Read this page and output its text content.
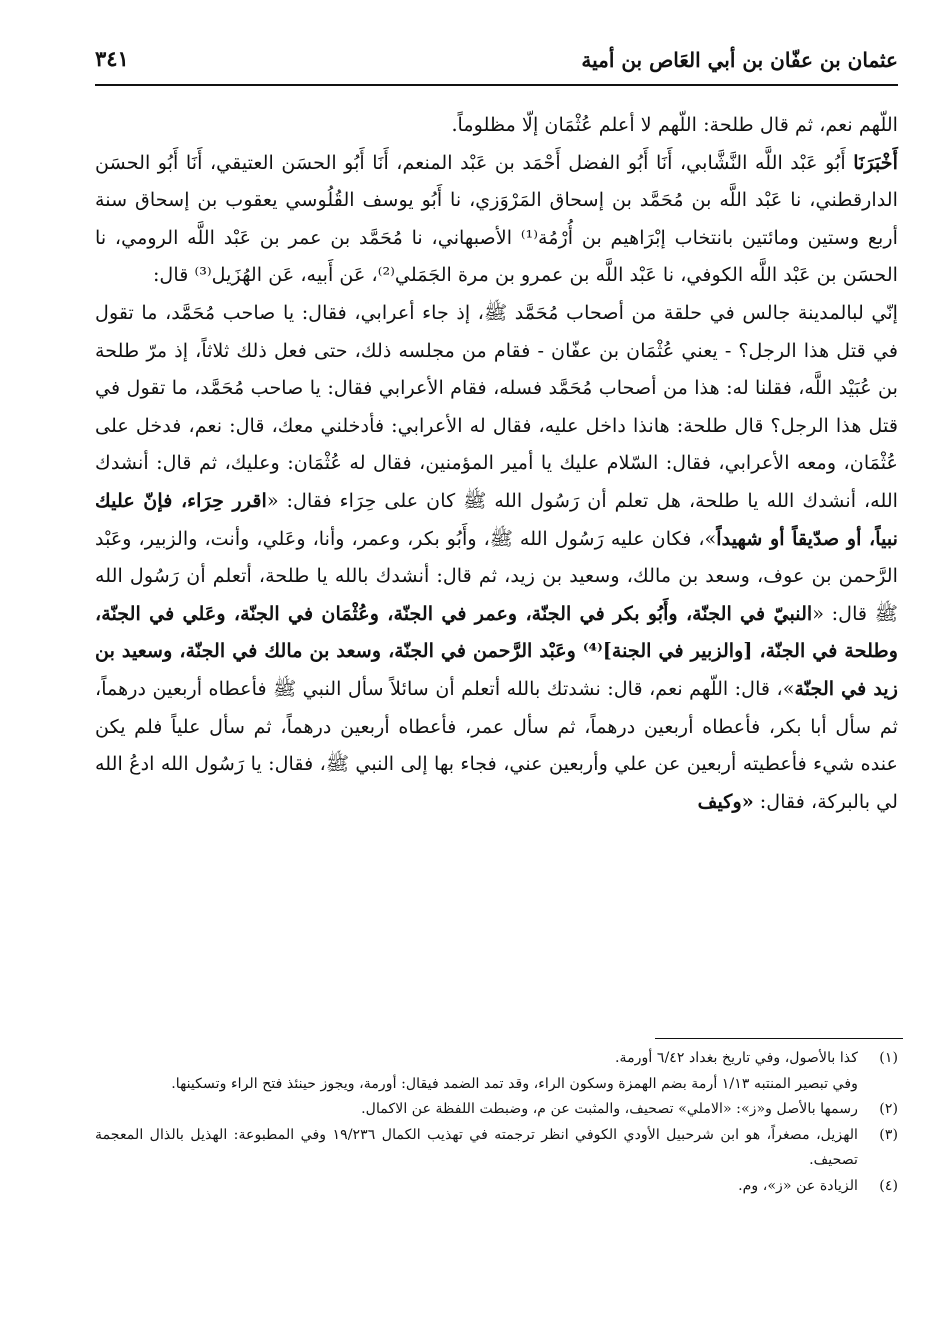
عثمان بن عفّان بن أبي العَاص بن أمية
٣٤١

اللّهم نعم، ثم قال طلحة: اللّهم لا أعلم عُثْمَان إلّا مظلوماً.

أَخْبَرَنَا أَبُو عَبْد اللَّه النَّشَّابي، أَنَا أَبُو الفضل أَحْمَد بن عَبْد المنعم، أَنَا أَبُو الحسَن العتيقي، أَنَا أَبُو الحسَن الدارقطني، نا عَبْد اللَّه بن مُحَمَّد بن إسحاق المَرْوَزي، نا أَبُو يوسف القُلُوسي يعقوب بن إسحاق سنة أربع وستين ومائتين بانتخاب إبْرَاهيم بن أُرْمُة⁽¹⁾ الأصبهاني، نا مُحَمَّد بن عمر بن عَبْد اللَّه الرومي، نا الحسَن بن عَبْد اللَّه الكوفي، نا عَبْد اللَّه بن عمرو بن مرة الجَمَلي⁽²⁾، عَن أَبيه، عَن الهُزَيل⁽³⁾ قال:

إنّي لبالمدينة جالس في حلقة من أصحاب مُحَمَّد ﷺ، إذ جاء أعرابي، فقال: يا صاحب مُحَمَّد، ما تقول في قتل هذا الرجل؟ - يعني عُثْمَان بن عفّان - فقام من مجلسه ذلك، حتى فعل ذلك ثلاثاً، إذ مرّ طلحة بن عُبَيْد اللَّه، فقلنا له: هذا من أصحاب مُحَمَّد فسله، فقام الأعرابي فقال: يا صاحب مُحَمَّد، ما تقول في قتل هذا الرجل؟ قال طلحة: هانذا داخل عليه، فقال له الأعرابي: فأدخلني معك، قال: نعم، فدخل على عُثْمَان، ومعه الأعرابي، فقال: السّلام عليك يا أمير المؤمنين، فقال له عُثْمَان: وعليك، ثم قال: أنشدك الله، أنشدك الله يا طلحة، هل تعلم أن رَسُول الله ﷺ كان على حِرَاء فقال: «اقرر حِرَاء، فإنّ عليك نبياً، أو صدّيقاً أو شهيداً»، فكان عليه رَسُول الله ﷺ، وأَبُو بكر، وعمر، وأنا، وعَلي، وأنت، والزبير، وعَبْد الرَّحمن بن عوف، وسعد بن مالك، وسعيد بن زيد، ثم قال: أنشدك بالله يا طلحة، أتعلم أن رَسُول الله ﷺ قال: «النبيّ في الجنّة، وأَبُو بكر في الجنّة، وعمر في الجنّة، وعُثْمَان في الجنّة، وعَلي في الجنّة، وطلحة في الجنّة، [والزبير في الجنة]⁽⁴⁾ وعَبْد الرَّحمن في الجنّة، وسعد بن مالك في الجنّة، وسعيد بن زيد في الجنّة»، قال: اللّهم نعم، قال: نشدتك بالله أتعلم أن سائلاً سأل النبي ﷺ فأعطاه أربعين درهماً، ثم سأل أبا بكر، فأعطاه أربعين درهماً، ثم سأل عمر، فأعطاه أربعين درهماً، ثم سأل علياً فلم يكن عنده شيء فأعطيته أربعين عن علي وأربعين عني، فجاء بها إلى النبي ﷺ، فقال: يا رَسُول الله ادعُ الله لي بالبركة، فقال: «وكيف

(١)
كذا بالأصول، وفي تاريخ بغداد ٦/٤٢ أورمة.
وفي تبصير المنتبه ١/١٣ أرمة بضم الهمزة وسكون الراء، وقد تمد الضمد فيقال: أورمة، ويجوز حينئذ فتح الراء وتسكينها.
(٢)
رسمها بالأصل و«ز»: «الاملي» تصحيف، والمثبت عن م، وضبطت اللفظة عن الاكمال.
(٣)
الهزيل، مصغراً، هو ابن شرحبيل الأودي الكوفي انظر ترجمته في تهذيب الكمال ١٩/٢٣٦ وفي المطبوعة: الهذيل بالذال المعجمة تصحيف.
(٤)
الزيادة عن «ز»، وم.
